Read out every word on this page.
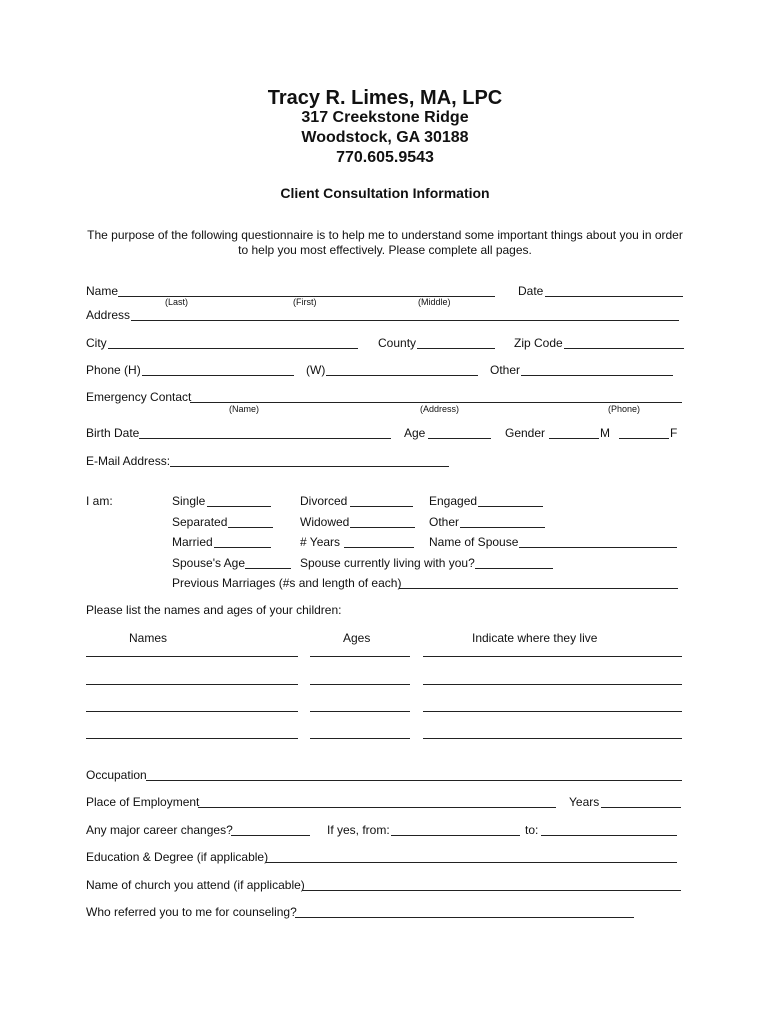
Tracy R. Limes, MA, LPC
317 Creekstone Ridge
Woodstock, GA 30188
770.605.9543
Client Consultation Information
The purpose of the following questionnaire is to help me to understand some important things about you in order
to help you most effectively. Please complete all pages.
Name	Date
(Last)	(First)	(Middle)
Address
City	County	Zip Code
Phone (H)	(W)	Other
Emergency Contact
(Name)	(Address)	(Phone)
Birth Date	Age	Gender	M	F
E-Mail Address:
I am:	Single	Divorced	Engaged
Separated	Widowed	Other
Married	# Years	Name of Spouse
Spouse's Age	Spouse currently living with you?
Previous Marriages (#s and length of each)
Please list the names and ages of your children:
Names	Ages	Indicate where they live
Occupation
Place of Employment	Years
Any major career changes?	If yes, from:	to:
Education & Degree (if applicable)
Name of church you attend (if applicable)
Who referred you to me for counseling?
